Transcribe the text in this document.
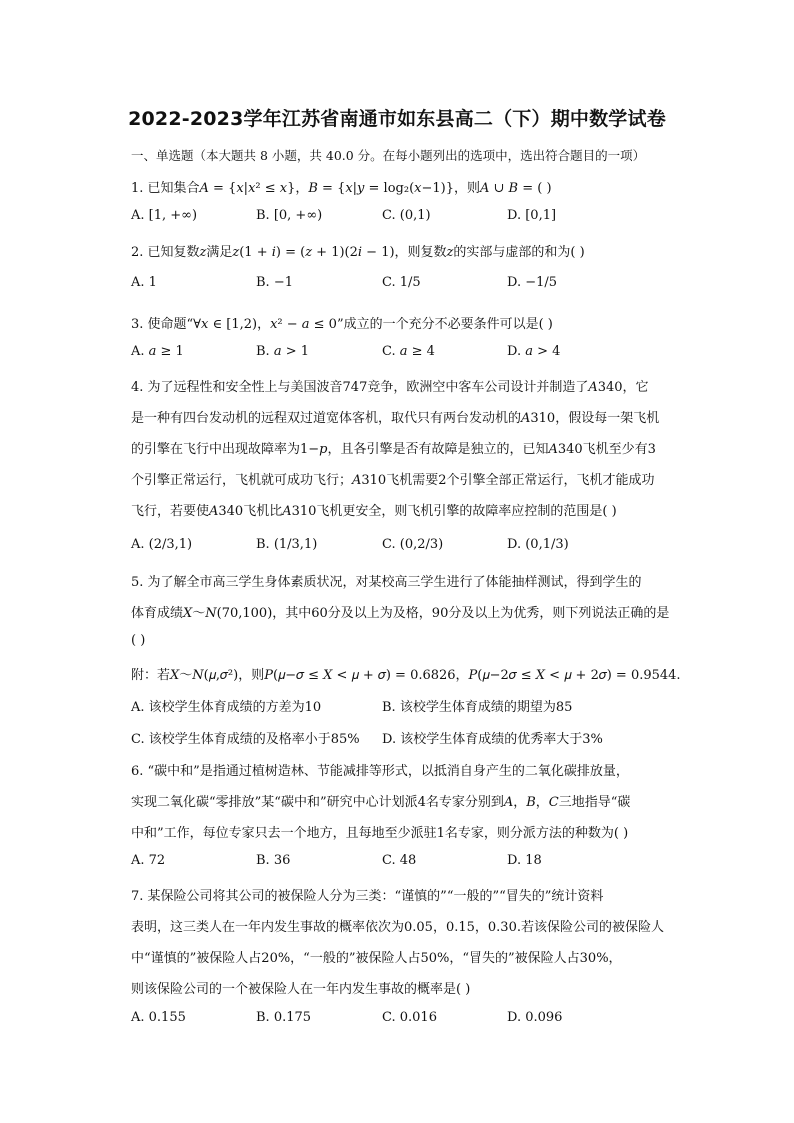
2022-2023学年江苏省南通市如东县高二（下）期中数学试卷
一、单选题（本大题共 8 小题，共 40.0 分。在每小题列出的选项中，选出符合题目的一项）
1. 已知集合𝐴 = {𝑥|𝑥² ≤ 𝑥}，𝐵 = {𝑥|𝑦 = log₂(𝑥−1)}，则𝐴 ∪ 𝐵 = ( )
A. [1, +∞)	B. [0, +∞)	C. (0,1)	D. [0,1]
2. 已知复数𝑧满足𝑧(1 + 𝑖) = (𝑧 + 1)(2𝑖 − 1)，则复数𝑧的实部与虚部的和为( )
A. 1	B. −1	C. 1/5	D. −1/5
3. 使命题“∀𝑥 ∈ [1,2)，𝑥² − 𝑎 ≤ 0”成立的一个充分不必要条件可以是( )
A. 𝑎 ≥ 1	B. 𝑎 > 1	C. 𝑎 ≥ 4	D. 𝑎 > 4
4. 为了远程性和安全性上与美国波音747竞争，欧洲空中客车公司设计并制造了𝐴340，它
是一种有四台发动机的远程双过道宽体客机，取代只有两台发动机的𝐴310，假设每一架飞机
的引擎在飞行中出现故障率为1−𝑝，且各引擎是否有故障是独立的，已知𝐴340飞机至少有3
个引擎正常运行，飞机就可成功飞行；𝐴310飞机需要2个引擎全部正常运行，飞机才能成功
飞行，若要使𝐴340飞机比𝐴310飞机更安全，则飞机引擎的故障率应控制的范围是( )
A. (2/3,1)	B. (1/3,1)	C. (0,2/3)	D. (0,1/3)
5. 为了解全市高三学生身体素质状况，对某校高三学生进行了体能抽样测试，得到学生的
体育成绩𝑋～𝑁(70,100)，其中60分及以上为及格，90分及以上为优秀，则下列说法正确的是
( )
附：若𝑋～𝑁(𝜇,𝜎²)，则𝑃(𝜇−𝜎 ≤ 𝑋 < 𝜇 + 𝜎) = 0.6826，𝑃(𝜇−2𝜎 ≤ 𝑋 < 𝜇 + 2𝜎) = 0.9544.
A. 该校学生体育成绩的方差为10	B. 该校学生体育成绩的期望为85
C. 该校学生体育成绩的及格率小于85% D. 该校学生体育成绩的优秀率大于3%
6. “碳中和”是指通过植树造林、节能减排等形式，以抵消自身产生的二氧化碳排放量，
实现二氧化碳“零排放”某“碳中和”研究中心计划派4名专家分别到𝐴，𝐵，𝐶三地指导“碳
中和”工作，每位专家只去一个地方，且每地至少派驻1名专家，则分派方法的种数为( )
A. 72	B. 36	C. 48	D. 18
7. 某保险公司将其公司的被保险人分为三类：“谨慎的”“一般的”“冒失的”统计资料
表明，这三类人在一年内发生事故的概率依次为0.05，0.15，0.30.若该保险公司的被保险人
中“谨慎的”被保险人占20%，“一般的”被保险人占50%，“冒失的”被保险人占30%，
则该保险公司的一个被保险人在一年内发生事故的概率是( )
A. 0.155	B. 0.175	C. 0.016	D. 0.096
